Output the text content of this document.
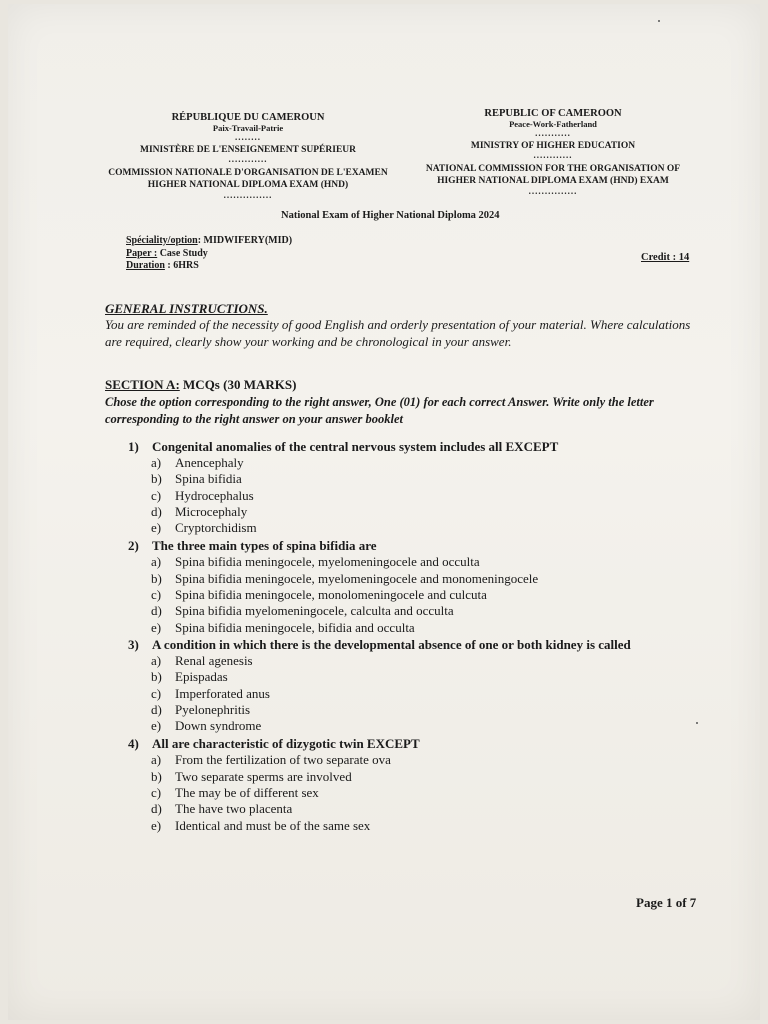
RÉPUBLIQUE DU CAMEROUN
Paix-Travail-Patrie
........
MINISTÈRE DE L'ENSEIGNEMENT SUPÉRIEUR
............
COMMISSION NATIONALE D'ORGANISATION DE L'EXAMEN
HIGHER NATIONAL DIPLOMA EXAM (HND)
...............
REPUBLIC OF CAMEROON
Peace-Work-Fatherland
...........
MINISTRY OF HIGHER EDUCATION
............
NATIONAL COMMISSION FOR THE ORGANISATION OF
HIGHER NATIONAL DIPLOMA EXAM (HND) EXAM
...............
National Exam of Higher National Diploma 2024
Spéciality/option: MIDWIFERY(MID)
Paper : Case Study
Duration : 6HRS
Credit : 14
GENERAL INSTRUCTIONS.
You are reminded of the necessity of good English and orderly presentation of your material. Where calculations are required, clearly show your working and be chronological in your answer.
SECTION A: MCQs (30 MARKS)
Chose the option corresponding to the right answer, One (01) for each correct Answer. Write only the letter corresponding to the right answer on your answer booklet
1)	Congenital anomalies of the central nervous system includes all EXCEPT
a)	Anencephaly
b)	Spina bifidia
c)	Hydrocephalus
d)	Microcephaly
e)	Cryptorchidism
2)	The three main types of spina bifidia are
a)	Spina bifidia meningocele, myelomeningocele and occulta
b)	Spina bifidia meningocele, myelomeningocele and monomeningocele
c)	Spina bifidia meningocele, monolomeningocele and culcuta
d)	Spina bifidia myelomeningocele, calculta and occulta
e)	Spina bifidia meningocele, bifidia and occulta
3)	A condition in which there is the developmental absence of one or both kidney is called
a)	Renal agenesis
b)	Epispadas
c)	Imperforated anus
d)	Pyelonephritis
e)	Down syndrome
4)	All are characteristic of dizygotic twin EXCEPT
a)	From the fertilization of two separate ova
b)	Two separate sperms are involved
c)	The may be of different sex
d)	The have two placenta
e)	Identical and must be of the same sex
Page 1 of 7
